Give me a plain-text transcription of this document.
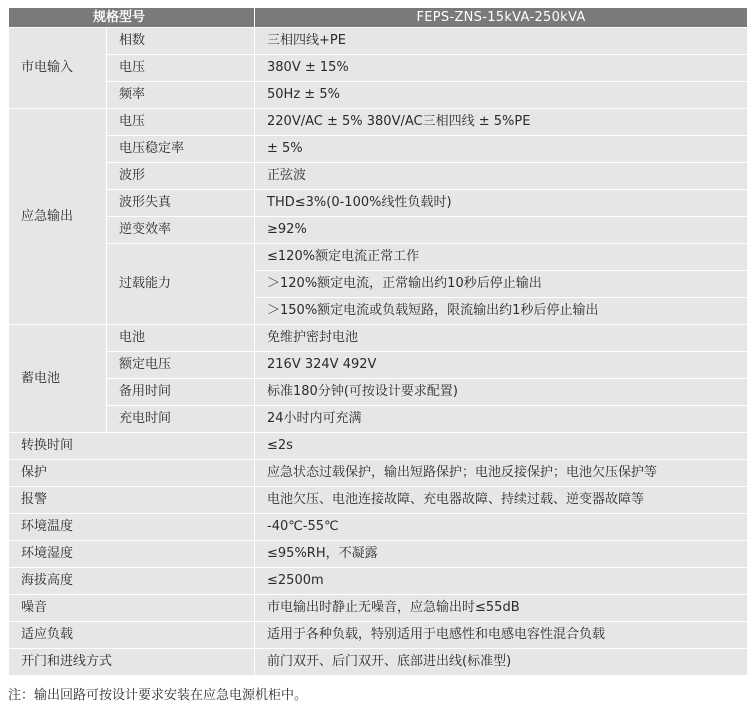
规格型号		FEPS-ZNS-15kVA-250kVA
市电输入	相数	三相四线+PE
	电压	380V ± 15%
	频率	50Hz ± 5%
应急输出	电压	220V/AC ± 5% 380V/AC三相四线 ± 5%PE
	电压稳定率	± 5%
	波形	正弦波
	波形失真	THD≤3%(0-100%线性负载时)
	逆变效率	≥92%
	过载能力	≤120%额定电流正常工作
		＞120%额定电流，正常输出约10秒后停止输出
		＞150%额定电流或负载短路，限流输出约1秒后停止输出
蓄电池	电池	免维护密封电池
	额定电压	216V 324V 492V
	备用时间	标准180分钟(可按设计要求配置)
	充电时间	24小时内可充满
转换时间		≤2s
保护		应急状态过载保护，输出短路保护；电池反接保护；电池欠压保护等
报警		电池欠压、电池连接故障、充电器故障、持续过载、逆变器故障等
环境温度		-40℃-55℃
环境湿度		≤95%RH，不凝露
海拔高度		≤2500m
噪音		市电输出时静止无噪音，应急输出时≤55dB
适应负载		适用于各种负载，特别适用于电感性和电感电容性混合负载
开门和进线方式		前门双开、后门双开、底部进出线(标准型)

注：输出回路可按设计要求安装在应急电源机柜中。
